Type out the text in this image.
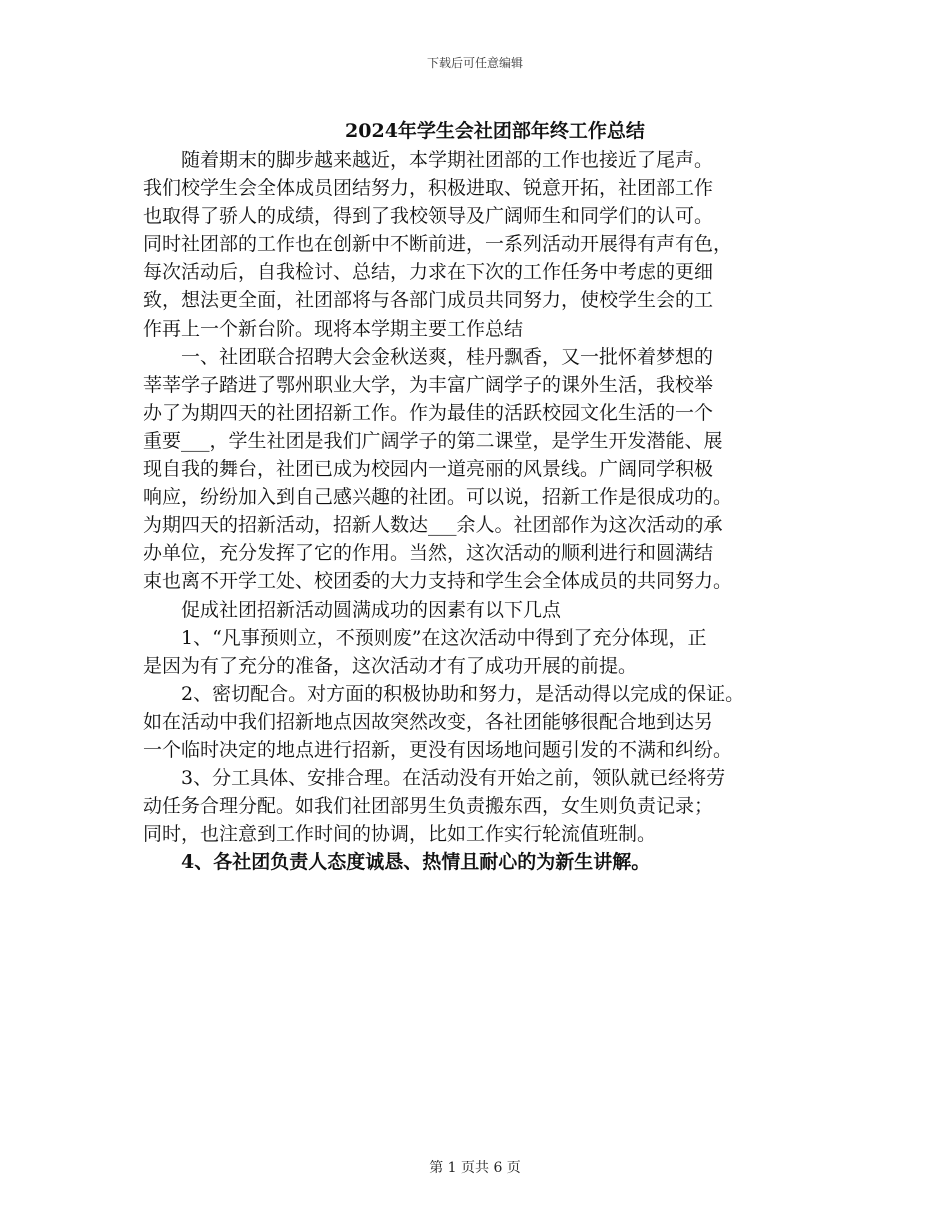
下载后可任意编辑
2024年学生会社团部年终工作总结
随着期末的脚步越来越近，本学期社团部的工作也接近了尾声。
我们校学生会全体成员团结努力，积极进取、锐意开拓，社团部工作
也取得了骄人的成绩，得到了我校领导及广阔师生和同学们的认可。
同时社团部的工作也在创新中不断前进，一系列活动开展得有声有色，
每次活动后，自我检讨、总结，力求在下次的工作任务中考虑的更细
致，想法更全面，社团部将与各部门成员共同努力，使校学生会的工
作再上一个新台阶。现将本学期主要工作总结
一、社团联合招聘大会金秋送爽，桂丹飘香，又一批怀着梦想的
莘莘学子踏进了鄂州职业大学，为丰富广阔学子的课外生活，我校举
办了为期四天的社团招新工作。作为最佳的活跃校园文化生活的一个
重要___，学生社团是我们广阔学子的第二课堂，是学生开发潜能、展
现自我的舞台，社团已成为校园内一道亮丽的风景线。广阔同学积极
响应，纷纷加入到自己感兴趣的社团。可以说，招新工作是很成功的。
为期四天的招新活动，招新人数达___余人。社团部作为这次活动的承
办单位，充分发挥了它的作用。当然，这次活动的顺利进行和圆满结
束也离不开学工处、校团委的大力支持和学生会全体成员的共同努力。
促成社团招新活动圆满成功的因素有以下几点
1、“凡事预则立，不预则废”在这次活动中得到了充分体现，正
是因为有了充分的准备，这次活动才有了成功开展的前提。
2、密切配合。对方面的积极协助和努力，是活动得以完成的保证。
如在活动中我们招新地点因故突然改变，各社团能够很配合地到达另
一个临时决定的地点进行招新，更没有因场地问题引发的不满和纠纷。
3、分工具体、安排合理。在活动没有开始之前，领队就已经将劳
动任务合理分配。如我们社团部男生负责搬东西，女生则负责记录；
同时，也注意到工作时间的协调，比如工作实行轮流值班制。
4、各社团负责人态度诚恳、热情且耐心的为新生讲解。
第 1 页共 6 页
